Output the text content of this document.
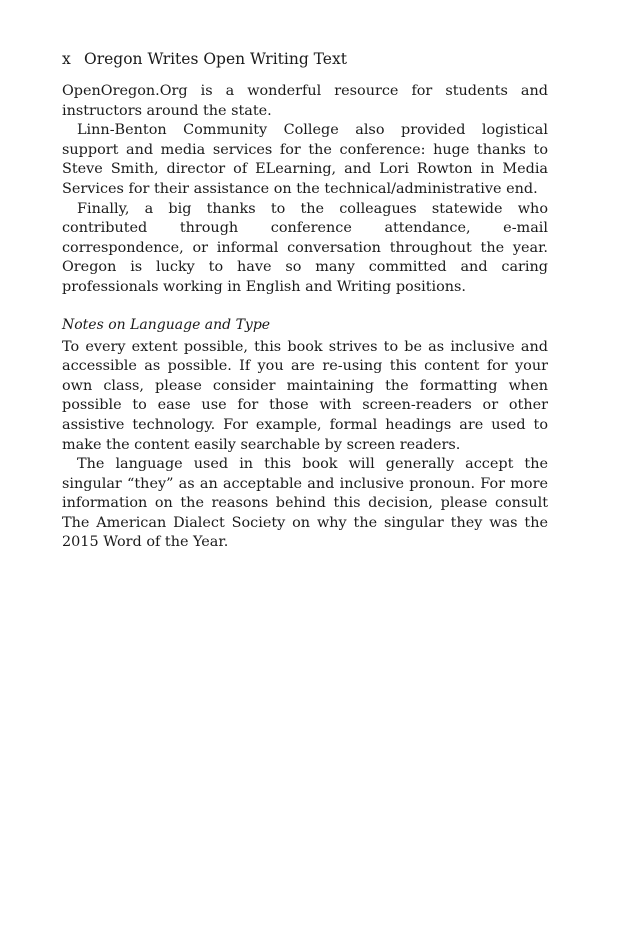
x Oregon Writes Open Writing Text

OpenOregon.Org is a wonderful resource for students and instructors around the state.

Linn-Benton Community College also provided logistical support and media services for the conference: huge thanks to Steve Smith, director of ELearning, and Lori Rowton in Media Services for their assistance on the technical/administrative end.

Finally, a big thanks to the colleagues statewide who contributed through conference attendance, e-mail correspondence, or informal conversation throughout the year. Oregon is lucky to have so many committed and caring professionals working in English and Writing positions.

Notes on Language and Type

To every extent possible, this book strives to be as inclusive and accessible as possible. If you are re-using this content for your own class, please consider maintaining the formatting when possible to ease use for those with screen-readers or other assistive technology. For example, formal headings are used to make the content easily searchable by screen readers.

The language used in this book will generally accept the singular “they” as an acceptable and inclusive pronoun. For more information on the reasons behind this decision, please consult The American Dialect Society on why the singular they was the 2015 Word of the Year.
